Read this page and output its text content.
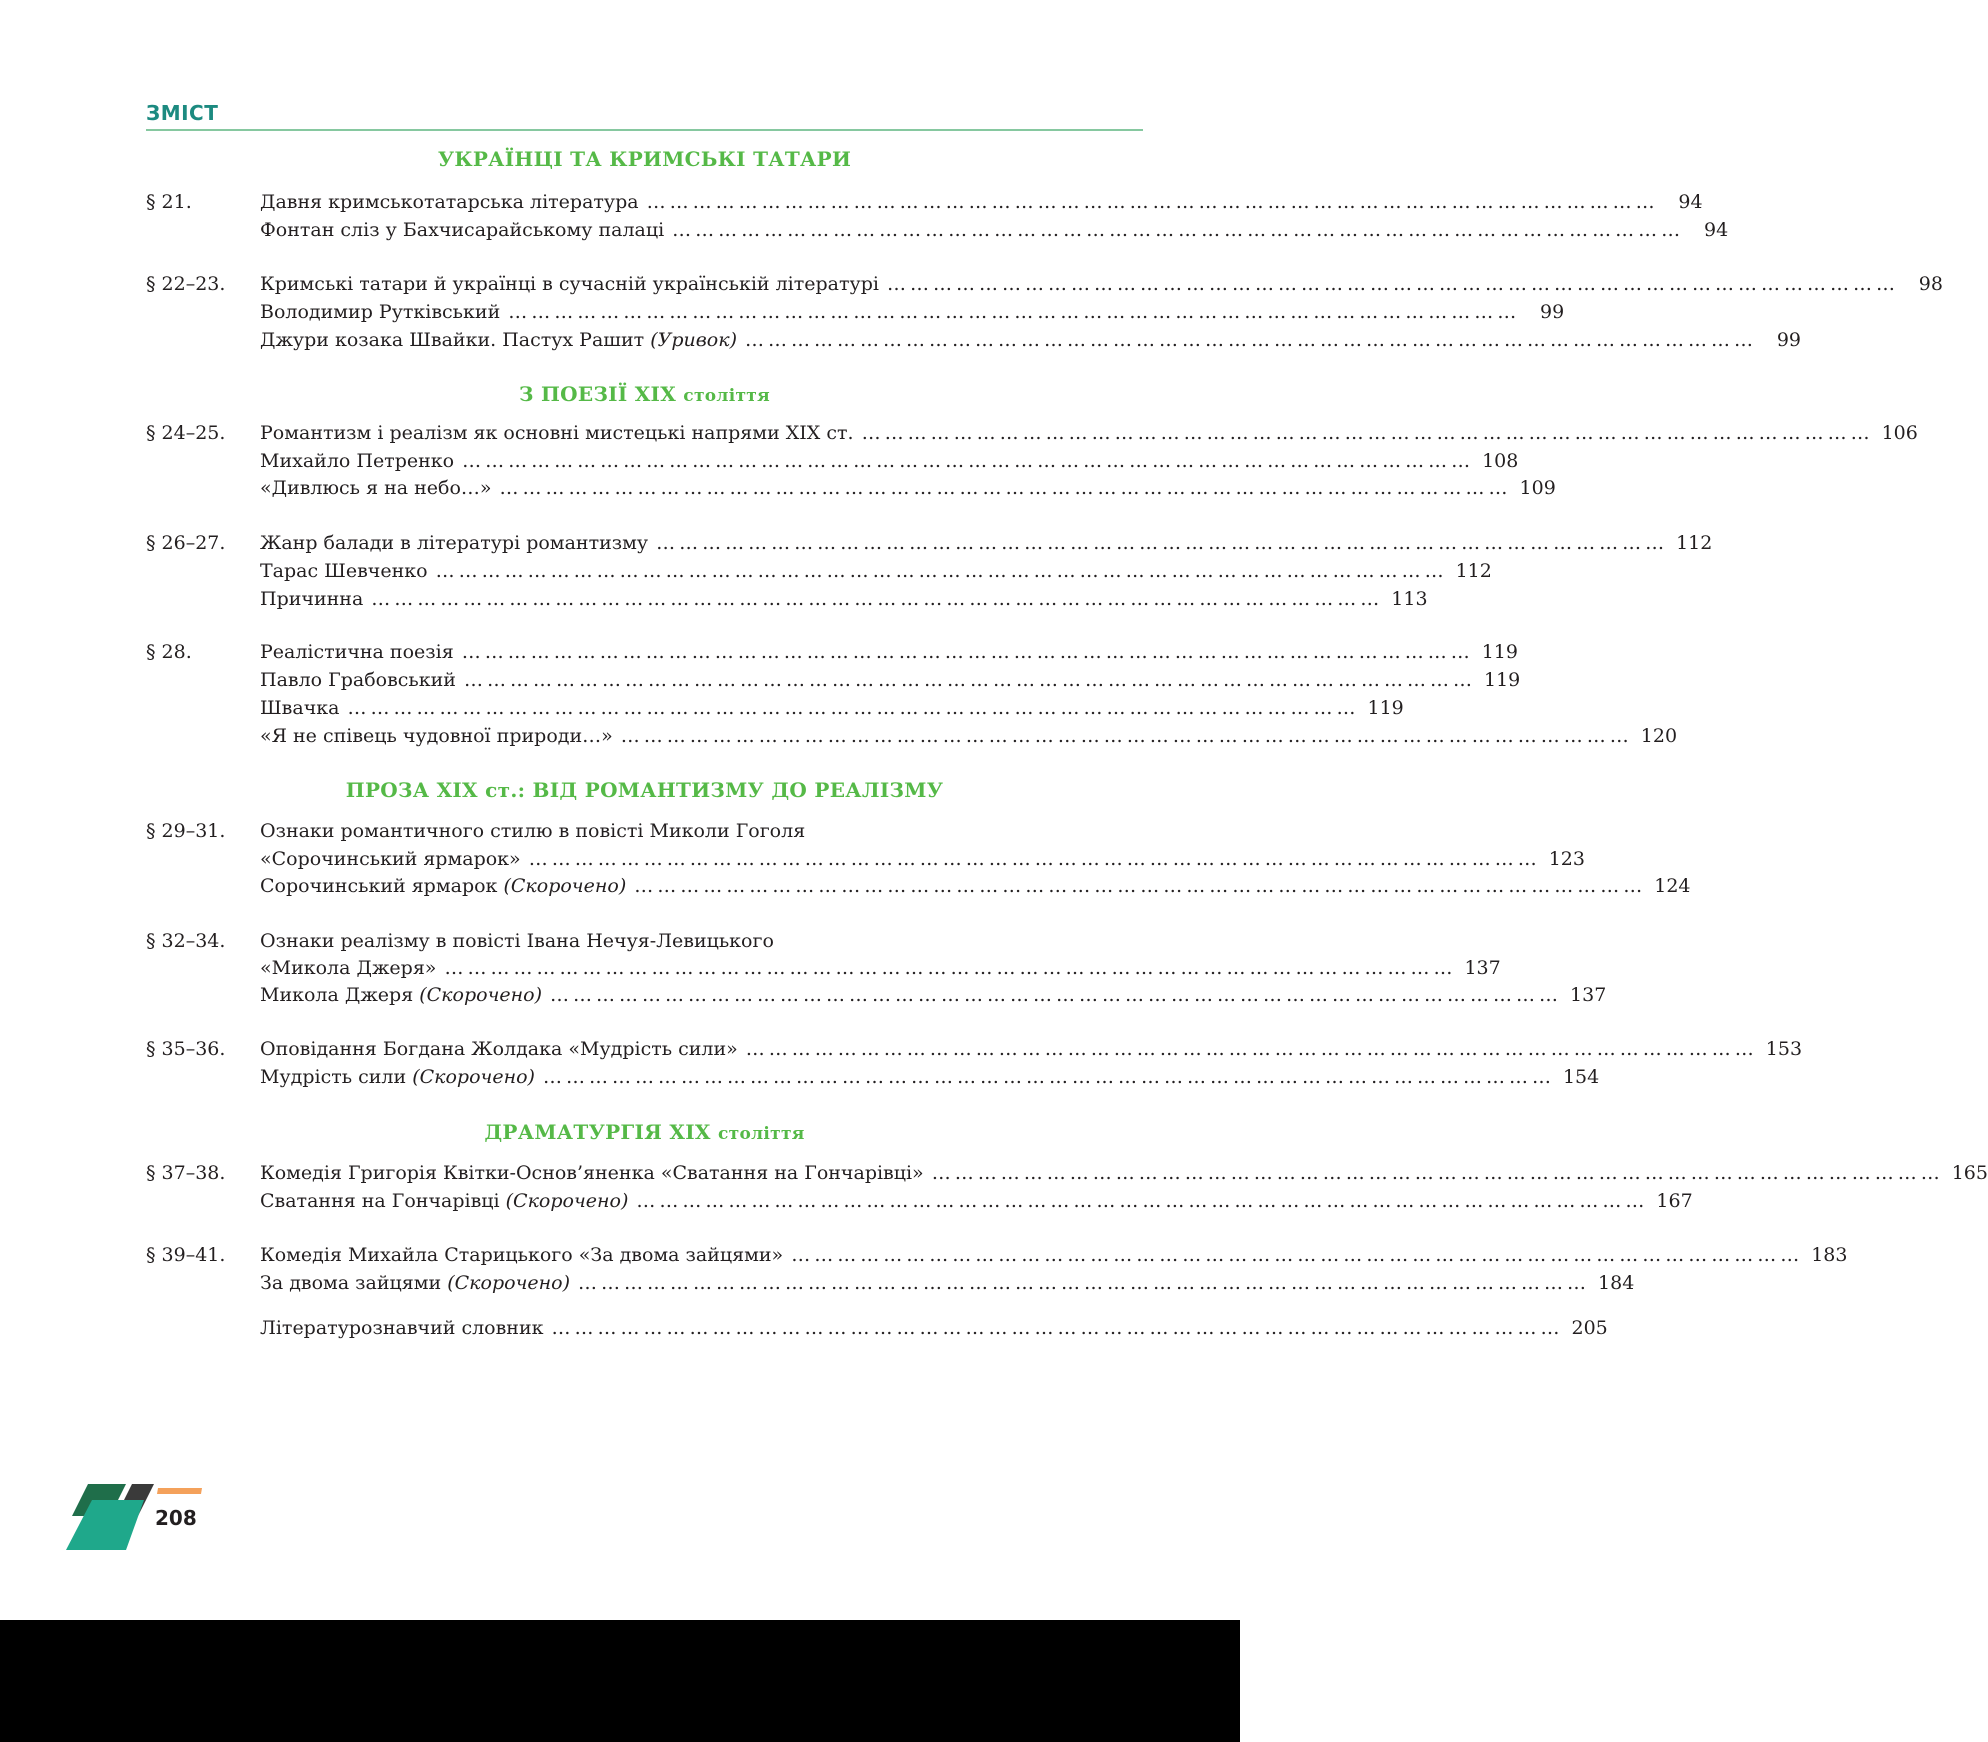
ЗМІСТ
УКРАЇНЦІ ТА КРИМСЬКІ ТАТАРИ
§ 21.	Давня кримськотатарська література ……………………………………………………………………………………………………………………	94
Фонтан сліз у Бахчисарайському палаці ……………………………………………………………………………………………………………………	94
§ 22–23. Кримські татари й українці в сучасній українській літературі ……………………………………………………………………………………………………………………	98
Володимир Рутківський ……………………………………………………………………………………………………………………	99
Джури козака Швайки. Пастух Рашит (Уривок) ……………………………………………………………………………………………………………………	99
З ПОЕЗІЇ ХІХ століття
§ 24–25. Романтизм і реалізм як основні мистецькі напрями ХІХ ст. …………………………………………………………………………………………………………………… 106
Михайло Петренко …………………………………………………………………………………………………………………… 108
«Дивлюсь я на небо…» …………………………………………………………………………………………………………………… 109
§ 26–27. Жанр балади в літературі романтизму …………………………………………………………………………………………………………………… 112
Тарас Шевченко …………………………………………………………………………………………………………………… 112
Причинна …………………………………………………………………………………………………………………… 113
§ 28.	Реалістична поезія …………………………………………………………………………………………………………………… 119
Павло Грабовський …………………………………………………………………………………………………………………… 119
Швачка …………………………………………………………………………………………………………………… 119
«Я не співець чудовної природи…» …………………………………………………………………………………………………………………… 120
ПРОЗА ХІХ ст.: ВІД РОМАНТИЗМУ ДО РЕАЛІЗМУ
§ 29–31. Ознаки романтичного стилю в повісті Миколи Гоголя
«Сорочинський ярмарок» …………………………………………………………………………………………………………………… 123
Сорочинський ярмарок (Скорочено) …………………………………………………………………………………………………………………… 124
§ 32–34. Ознаки реалізму в повісті Івана Нечуя-Левицького
«Микола Джеря» …………………………………………………………………………………………………………………… 137
Микола Джеря (Скорочено) …………………………………………………………………………………………………………………… 137
§ 35–36. Оповідання Богдана Жолдака «Мудрість сили» …………………………………………………………………………………………………………………… 153
Мудрість сили (Скорочено) …………………………………………………………………………………………………………………… 154
ДРАМАТУРГІЯ ХІХ століття
§ 37–38. Комедія Григорія Квітки-Основ’яненка «Сватання на Гончарівці» …………………………………………………………………………………………………………………… 165
Сватання на Гончарівці (Скорочено) …………………………………………………………………………………………………………………… 167
§ 39–41. Комедія Михайла Старицького «За двома зайцями» …………………………………………………………………………………………………………………… 183
За двома зайцями (Скорочено) …………………………………………………………………………………………………………………… 184
Літературознавчий словник …………………………………………………………………………………………………………………… 205
208
